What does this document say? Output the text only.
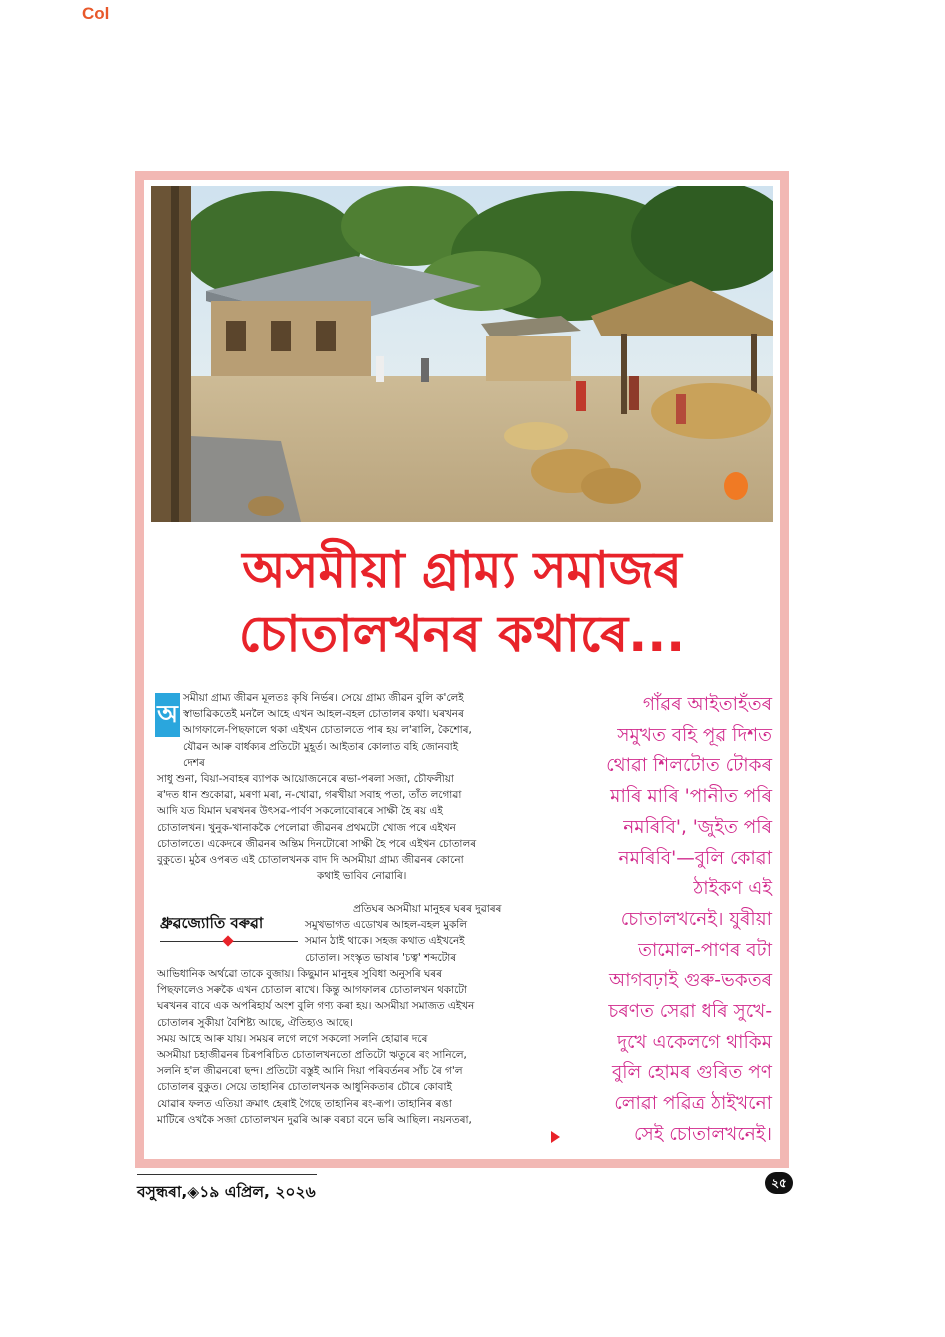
Col
অসমীয়া গ্ৰাম্য সমাজৰ
চোতালখনৰ কথাৰে...
অ
সমীয়া গ্ৰাম্য জীৱন মূলতঃ কৃষি নিৰ্ভৰ। সেয়ে গ্ৰাম্য জীৱন বুলি ক'লেই
স্বাভাৱিকতেই মনলৈ আহে এখন আহল-বহল চোতালৰ কথা। ঘৰখনৰ
আগফালে-পিছফালে থকা এইখন চোতালতে পাৰ হয় ল'ৰালি, কৈশোৰ,
যৌৱন আৰু বাৰ্ধক্যৰ প্ৰতিটো মুহূৰ্ত। আইতাৰ কোলাত বহি জোনবাই
দেশৰ
সাধু শুনা, বিয়া-সবাহৰ ব্যাপক আয়োজনেৰে ৰভা-পৰলা সজা, চৌফলীয়া
ৰ'দত ধান শুকোৱা, মৰণা মৰা, ন-খোৱা, গৰখীয়া সবাহ পতা, তাঁত লগোৱা
আদি যত যিমান ঘৰখনৰ উৎসৱ-পাৰ্বণ সকলোবোৰৰে সাক্ষী হৈ ৰয় এই
চোতালখন। খুনুক-খানাককৈ পেলোৱা জীৱনৰ প্ৰথমটো খোজ পৰে এইখন
চোতালতে। একেদৰে জীৱনৰ অন্তিম দিনটোৰো সাক্ষী হৈ পৰে এইখন চোতালৰ
বুকুতে। মুঠৰ ওপৰত এই চোতালখনক বাদ দি অসমীয়া গ্ৰাম্য জীৱনৰ কোনো
কথাই ভাবিব নোৱাৰি।
ধ্ৰুৱজ্যোতি বৰুৱা
প্ৰতিঘৰ অসমীয়া মানুহৰ ঘৰৰ দুৱাৰৰ
সমুখভাগত এডোখৰ আহল-বহল মুকলি
সমান ঠাই থাকে। সহজ কথাত এইখনেই
চোতাল। সংস্কৃত ভাষাৰ 'চত্ব' শব্দটোৰ
আভিধানিক অৰ্থৱো তাকে বুজায়। কিছুমান মানুহৰ সুবিধা অনুসৰি ঘৰৰ
পিছফালেও সৰুকৈ এখন চোতাল ৰাখে। কিন্তু আগফালৰ চোতালখন থকাটো
ঘৰখনৰ বাবে এক অপৰিহাৰ্য অংশ বুলি গণ্য কৰা হয়। অসমীয়া সমাজত এইখন
চোতালৰ সুকীয়া বৈশিষ্ট্য আছে, ঐতিহ্যও আছে।
সময় আহে আৰু যায়। সময়ৰ লগে লগে সকলো সলনি হোৱাৰ দৰে
অসমীয়া চহাজীৱনৰ চিৰপৰিচিত চোতালখনতো প্ৰতিটো ঋতুৰে ৰং সানিলে,
সলনি হ'ল জীৱনৰো ছন্দ। প্ৰতিটো বস্তুই আনি দিয়া পৰিবৰ্তনৰ সাঁচ ৰৈ গ'ল
চোতালৰ বুকুত। সেয়ে তাহানিৰ চোতালখনক আধুনিকতাৰ চৌৰে কোবাই
যোৱাৰ ফলত এতিয়া ক্ৰমাৎ হেৰাই গৈছে তাহানিৰ ৰং-ৰূপ। তাহানিৰ ৰঙা
মাটিৰে ওখকৈ সজা চোতালখন দুৱৰি আৰু বৰচা বনে ভৰি আছিল। নয়নতৰা,
গাঁৱৰ আইতাহঁতৰ
সমুখত বহি পূৱ দিশত
থোৱা শিলটোত টোকৰ
মাৰি মাৰি 'পানীত পৰি
নমৰিবি', 'জুইত পৰি
নমৰিবি'—বুলি কোৱা
ঠাইকণ এই
চোতালখনেই। যুৰীয়া
তামোল-পাণৰ বটা
আগবঢ়াই গুৰু-ভকতৰ
চৰণত সেৱা ধৰি সুখে-
দুখে একেলগে থাকিম
বুলি হোমৰ গুৰিত পণ
লোৱা পৱিত্ৰ ঠাইখনো
সেই চোতালখনেই।
বসুন্ধৰা,◈১৯ এপ্ৰিল, ২০২৬	২৫
